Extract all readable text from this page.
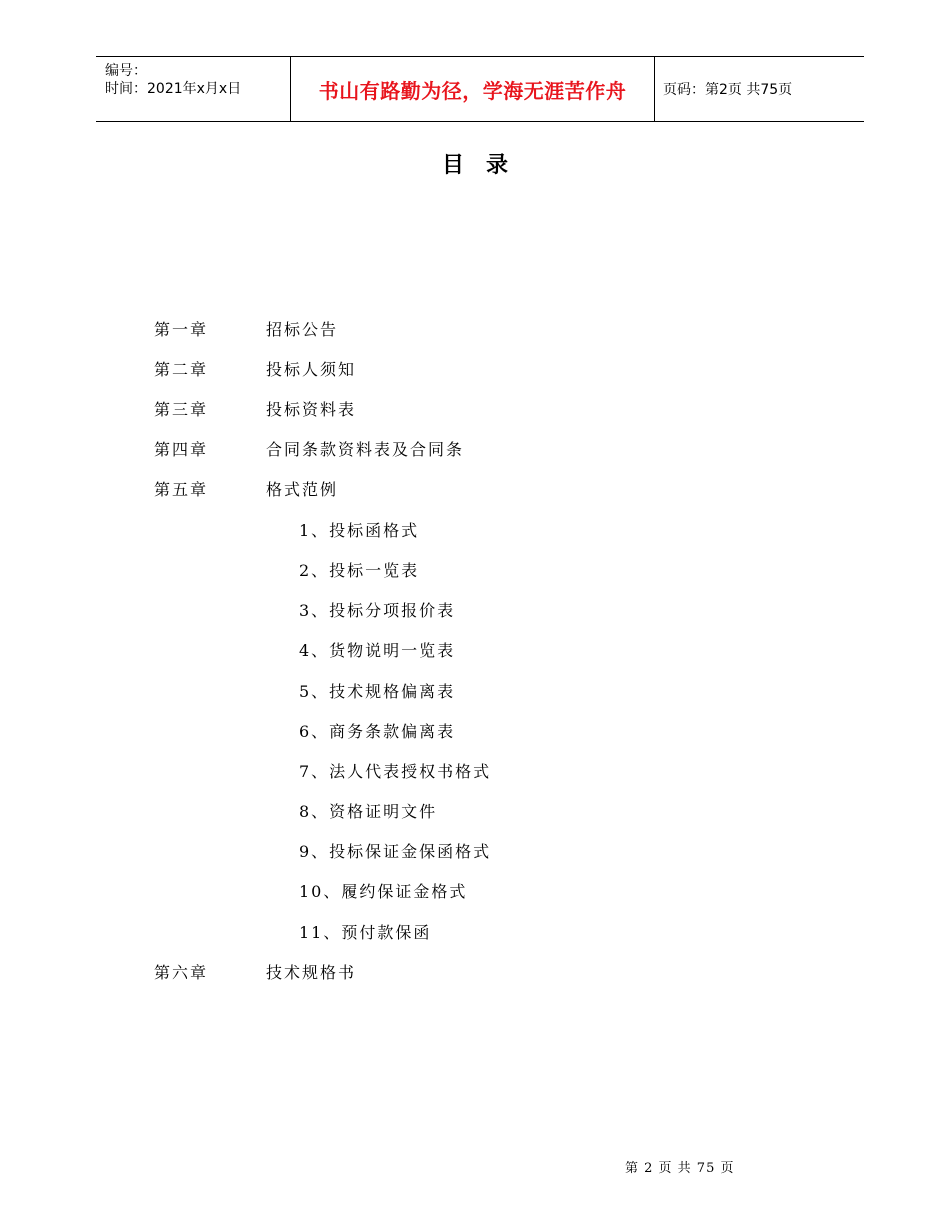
编号：
时间：2021年x月x日	书山有路勤为径，学海无涯苦作舟	页码：第2页 共75页
目录
第一章	招标公告
第二章	投标人须知
第三章	投标资料表
第四章	合同条款资料表及合同条
第五章	格式范例
1、投标函格式
2、投标一览表
3、投标分项报价表
4、货物说明一览表
5、技术规格偏离表
6、商务条款偏离表
7、法人代表授权书格式
8、资格证明文件
9、投标保证金保函格式
10、履约保证金格式
11、预付款保函
第六章	技术规格书
第 2 页 共 75 页
